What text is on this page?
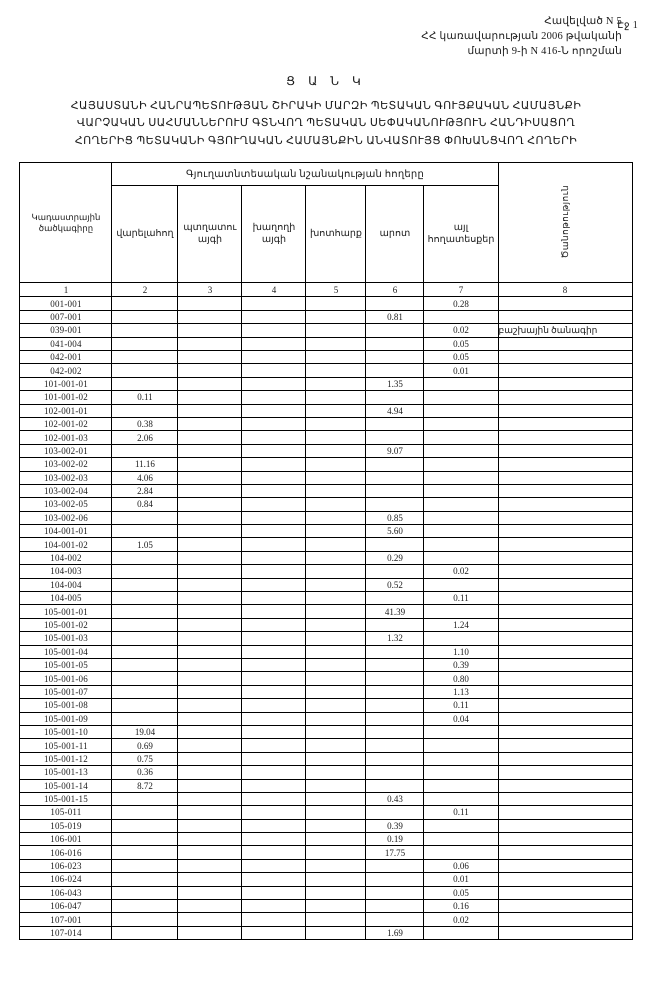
Էջ 1
Հավելված N 5
ՀՀ կառավարության 2006 թվականի
մարտի 9-ի N 416-Ն որոշման
Ց Ա Ն Կ
ՀԱՅԱՍՏԱՆԻ ՀԱՆՐԱՊԵՏՈՒԹՅԱՆ ՇԻՐԱԿԻ ՄԱՐԶԻ ՊԵՏԱԿԱՆ ԳՈՒՅՔԱԿԱՆ ՀԱՄԱՅՆՔԻ
ՎԱՐՉԱԿԱՆ ՍԱՀՄԱՆՆԵՐՈՒՄ ԳՏՆՎՈՂ ՊԵՏԱԿԱՆ ՍԵՓԱԿԱՆՈՒԹՅՈՒՆ ՀԱՆԴԻՍԱՑՈՂ
ՀՈՂԵՐԻՑ ՊԵՏԱԿԱՆԻ ԳՅՈՒՂԱԿԱՆ ՀԱՄԱՅՆՔԻՆ ԱՆՎԱՏՈՒՅՑ ՓՈԽԱՆՑՎՈՂ ՀՈՂԵՐԻ
Կադաստրային ծածկագիրը	Գյուղատնտեսական նշանակության հողերը						Ծանոթություն
	վարելահող	պտղատու այգի	խաղողի այգի	խոտհարք	արոտ	այլ հողատեսքեր	
1	2	3	4	5	6	7	8
001-001						0.28	
007-001					0.81		
039-001						0.02	բաշխային ծանագիր
041-004						0.05	
042-001						0.05	
042-002						0.01	
101-001-01					1.35		
101-001-02	0.11						
102-001-01					4.94		
102-001-02	0.38						
102-001-03	2.06						
103-002-01					9.07		
103-002-02	11.16						
103-002-03	4.06						
103-002-04	2.84						
103-002-05	0.84						
103-002-06					0.85		
104-001-01					5.60		
104-001-02	1.05						
104-002					0.29		
104-003						0.02	
104-004					0.52		
104-005						0.11	
105-001-01					41.39		
105-001-02						1.24	
105-001-03					1.32		
105-001-04						1.10	
105-001-05						0.39	
105-001-06						0.80	
105-001-07						1.13	
105-001-08						0.11	
105-001-09						0.04	
105-001-10	19.04						
105-001-11	0.69						
105-001-12	0.75						
105-001-13	0.36						
105-001-14	8.72						
105-001-15					0.43		
105-011						0.11	
105-019					0.39		
106-001					0.19		
106-016					17.75		
106-023						0.06	
106-024						0.01	
106-043						0.05	
106-047						0.16	
107-001						0.02	
107-014					1.69		
